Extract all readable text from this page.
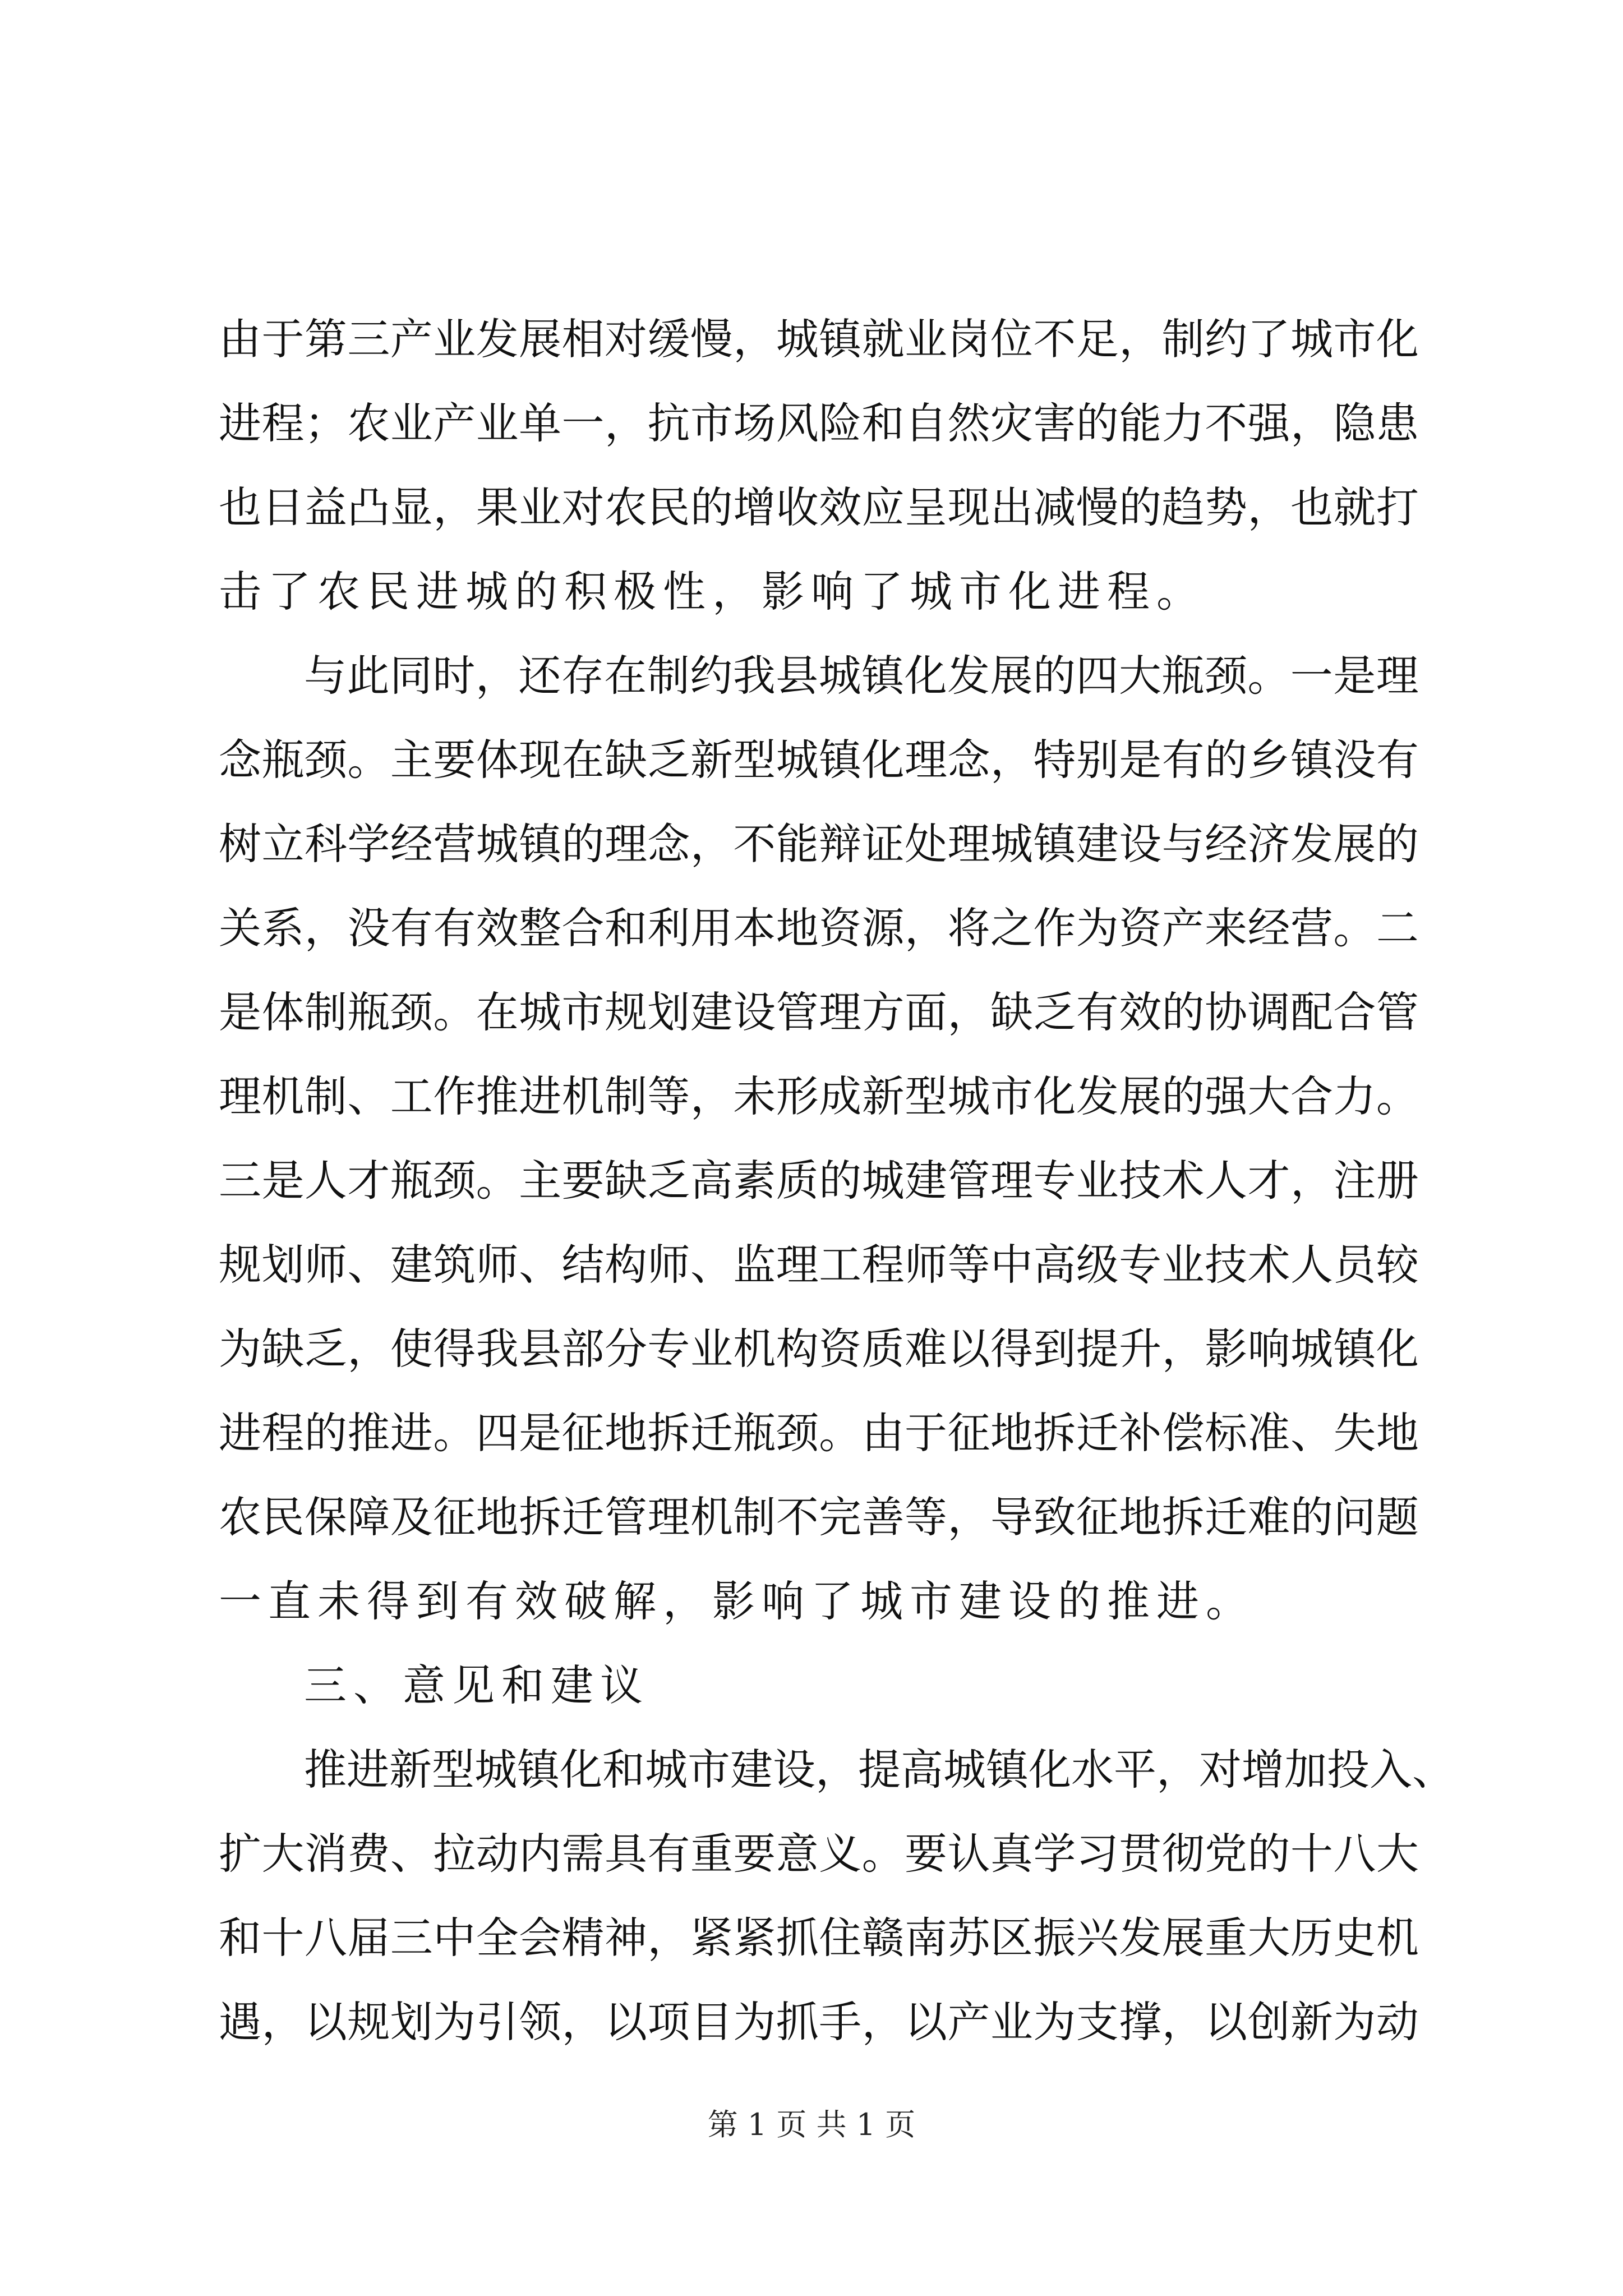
由 于 第 三 产 业 发 展 相 对 缓 慢 ， 城 镇 就 业 岗 位 不 足 ， 制 约 了 城 市 化
进 程 ； 农 业 产 业 单 一 ， 抗 市 场 风 险 和 自 然 灾 害 的 能 力 不 强 ， 隐 患
也 日 益 凸 显 ， 果 业 对 农 民 的 增 收 效 应 呈 现 出 减 慢 的 趋 势 ， 也 就 打
击了农民进城的积极性，影响了城市化进程。
与 此 同 时 ， 还 存 在 制 约 我 县 城 镇 化 发 展 的 四 大 瓶 颈 。 一 是 理
念 瓶 颈 。 主 要 体 现 在 缺 乏 新 型 城 镇 化 理 念 ， 特 别 是 有 的 乡 镇 没 有
树 立 科 学 经 营 城 镇 的 理 念 ， 不 能 辩 证 处 理 城 镇 建 设 与 经 济 发 展 的
关 系 ， 没 有 有 效 整 合 和 利 用 本 地 资 源 ， 将 之 作 为 资 产 来 经 营 。 二
是 体 制 瓶 颈 。 在 城 市 规 划 建 设 管 理 方 面 ， 缺 乏 有 效 的 协 调 配 合 管
理 机 制 、 工 作 推 进 机 制 等 ， 未 形 成 新 型 城 市 化 发 展 的 强 大 合 力 。
三 是 人 才 瓶 颈 。 主 要 缺 乏 高 素 质 的 城 建 管 理 专 业 技 术 人 才 ， 注 册
规 划 师 、 建 筑 师 、 结 构 师 、 监 理 工 程 师 等 中 高 级 专 业 技 术 人 员 较
为 缺 乏 ， 使 得 我 县 部 分 专 业 机 构 资 质 难 以 得 到 提 升 ， 影 响 城 镇 化
进 程 的 推 进 。 四 是 征 地 拆 迁 瓶 颈 。 由 于 征 地 拆 迁 补 偿 标 准 、 失 地
农 民 保 障 及 征 地 拆 迁 管 理 机 制 不 完 善 等 ， 导 致 征 地 拆 迁 难 的 问 题
一直未得到有效破解，影响了城市建设的推进。
三、意见和建议
推 进 新 型 城 镇 化 和 城 市 建 设 ， 提 高 城 镇 化 水 平 ， 对 增 加 投 入 、
扩 大 消 费 、 拉 动 内 需 具 有 重 要 意 义 。 要 认 真 学 习 贯 彻 党 的 十 八 大
和 十 八 届 三 中 全 会 精 神 ， 紧 紧 抓 住 赣 南 苏 区 振 兴 发 展 重 大 历 史 机
遇 ， 以 规 划 为 引 领 ， 以 项 目 为 抓 手 ， 以 产 业 为 支 撑 ， 以 创 新 为 动
第 1 页 共 1 页
